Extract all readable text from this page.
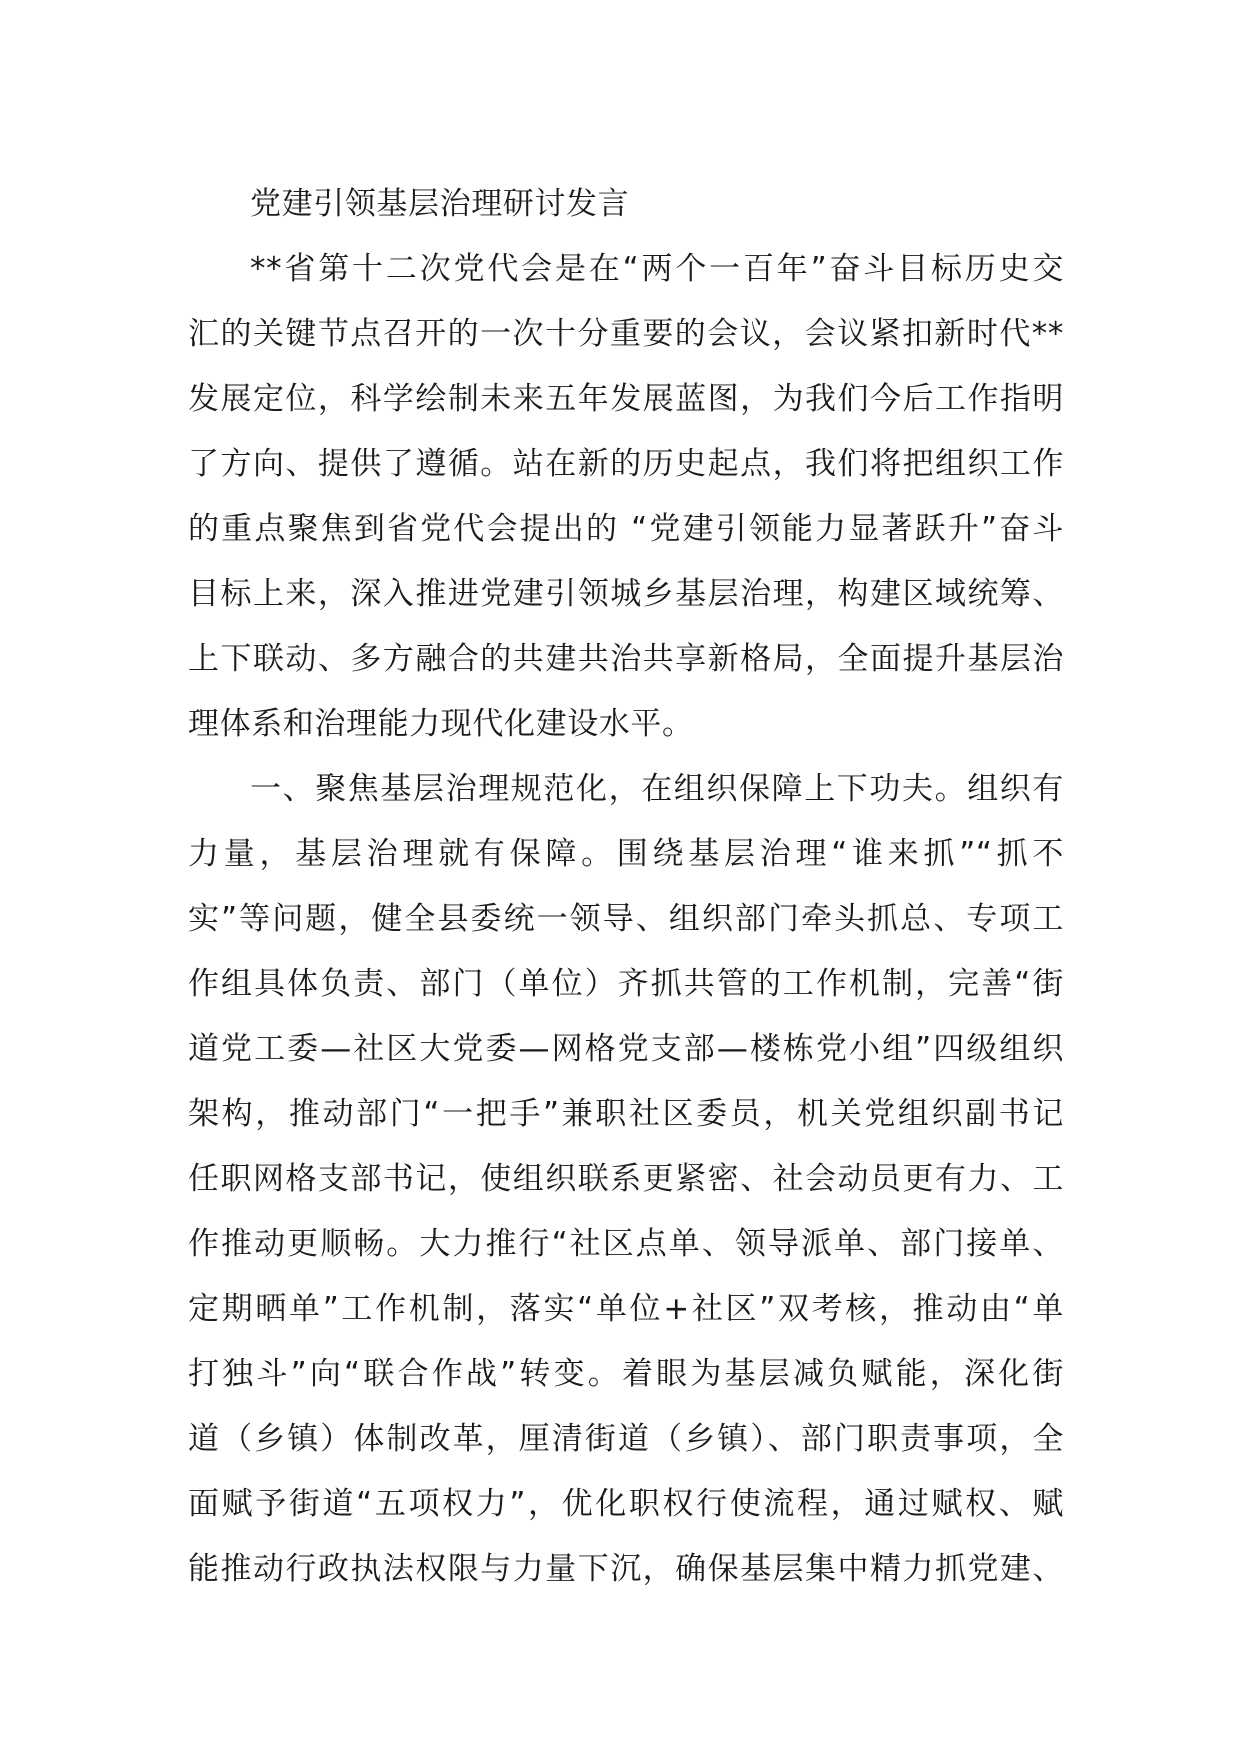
党建引领基层治理研讨发言
**省第十二次党代会是在“两个一百年”奋斗目标历史交
汇的关键节点召开的一次十分重要的会议，会议紧扣新时代**
发展定位，科学绘制未来五年发展蓝图，为我们今后工作指明
了方向、提供了遵循。站在新的历史起点，我们将把组织工作
的重点聚焦到省党代会提出的 “党建引领能力显著跃升”奋斗
目标上来，深入推进党建引领城乡基层治理，构建区域统筹、
上下联动、多方融合的共建共治共享新格局，全面提升基层治
理体系和治理能力现代化建设水平。
一、聚焦基层治理规范化，在组织保障上下功夫。组织有
力量，基层治理就有保障。围绕基层治理“谁来抓”“抓不
实”等问题，健全县委统一领导、组织部门牵头抓总、专项工
作组具体负责、部门（单位）齐抓共管的工作机制，完善“街
道党工委—社区大党委—网格党支部—楼栋党小组”四级组织
架构，推动部门“一把手”兼职社区委员，机关党组织副书记
任职网格支部书记，使组织联系更紧密、社会动员更有力、工
作推动更顺畅。大力推行“社区点单、领导派单、部门接单、
定期晒单”工作机制，落实“单位+社区”双考核，推动由“单
打独斗”向“联合作战”转变。着眼为基层减负赋能，深化街
道（乡镇）体制改革，厘清街道（乡镇）、部门职责事项，全
面赋予街道“五项权力”，优化职权行使流程，通过赋权、赋
能推动行政执法权限与力量下沉，确保基层集中精力抓党建、
